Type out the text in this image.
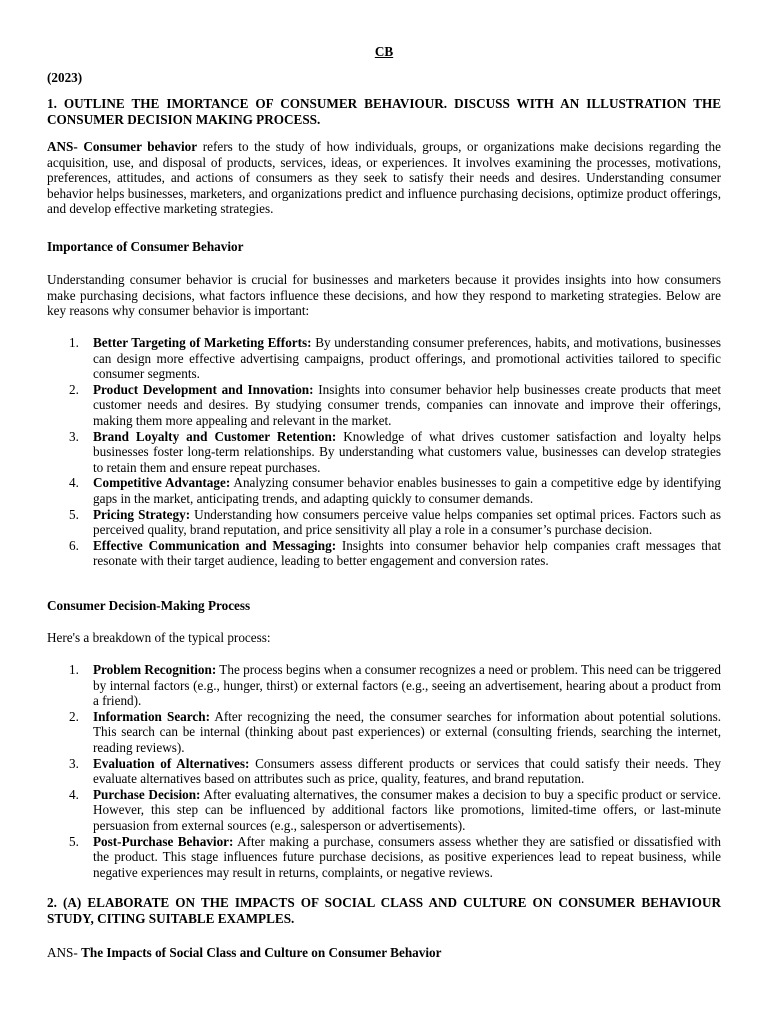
CB
(2023)
1. OUTLINE THE IMORTANCE OF CONSUMER BEHAVIOUR. DISCUSS WITH AN ILLUSTRATION THE CONSUMER DECISION MAKING PROCESS.
ANS- Consumer behavior refers to the study of how individuals, groups, or organizations make decisions regarding the acquisition, use, and disposal of products, services, ideas, or experiences. It involves examining the processes, motivations, preferences, attitudes, and actions of consumers as they seek to satisfy their needs and desires. Understanding consumer behavior helps businesses, marketers, and organizations predict and influence purchasing decisions, optimize product offerings, and develop effective marketing strategies.
Importance of Consumer Behavior
Understanding consumer behavior is crucial for businesses and marketers because it provides insights into how consumers make purchasing decisions, what factors influence these decisions, and how they respond to marketing strategies. Below are key reasons why consumer behavior is important:
1. Better Targeting of Marketing Efforts: By understanding consumer preferences, habits, and motivations, businesses can design more effective advertising campaigns, product offerings, and promotional activities tailored to specific consumer segments.
2. Product Development and Innovation: Insights into consumer behavior help businesses create products that meet customer needs and desires. By studying consumer trends, companies can innovate and improve their offerings, making them more appealing and relevant in the market.
3. Brand Loyalty and Customer Retention: Knowledge of what drives customer satisfaction and loyalty helps businesses foster long-term relationships. By understanding what customers value, businesses can develop strategies to retain them and ensure repeat purchases.
4. Competitive Advantage: Analyzing consumer behavior enables businesses to gain a competitive edge by identifying gaps in the market, anticipating trends, and adapting quickly to consumer demands.
5. Pricing Strategy: Understanding how consumers perceive value helps companies set optimal prices. Factors such as perceived quality, brand reputation, and price sensitivity all play a role in a consumer’s purchase decision.
6. Effective Communication and Messaging: Insights into consumer behavior help companies craft messages that resonate with their target audience, leading to better engagement and conversion rates.
Consumer Decision-Making Process
Here's a breakdown of the typical process:
1. Problem Recognition: The process begins when a consumer recognizes a need or problem. This need can be triggered by internal factors (e.g., hunger, thirst) or external factors (e.g., seeing an advertisement, hearing about a product from a friend).
2. Information Search: After recognizing the need, the consumer searches for information about potential solutions. This search can be internal (thinking about past experiences) or external (consulting friends, searching the internet, reading reviews).
3. Evaluation of Alternatives: Consumers assess different products or services that could satisfy their needs. They evaluate alternatives based on attributes such as price, quality, features, and brand reputation.
4. Purchase Decision: After evaluating alternatives, the consumer makes a decision to buy a specific product or service. However, this step can be influenced by additional factors like promotions, limited-time offers, or last-minute persuasion from external sources (e.g., salesperson or advertisements).
5. Post-Purchase Behavior: After making a purchase, consumers assess whether they are satisfied or dissatisfied with the product. This stage influences future purchase decisions, as positive experiences lead to repeat business, while negative experiences may result in returns, complaints, or negative reviews.
2. (A) ELABORATE ON THE IMPACTS OF SOCIAL CLASS AND CULTURE ON CONSUMER BEHAVIOUR STUDY, CITING SUITABLE EXAMPLES.
ANS- The Impacts of Social Class and Culture on Consumer Behavior
